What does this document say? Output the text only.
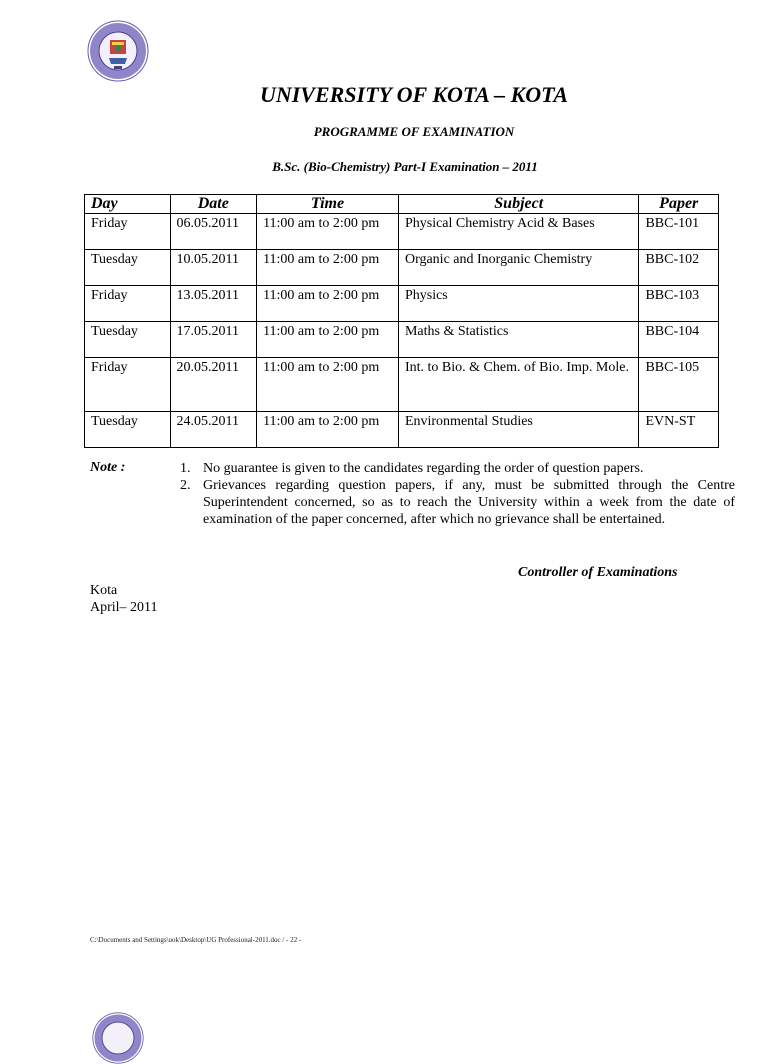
UNIVERSITY OF KOTA – KOTA
PROGRAMME OF EXAMINATION
B.Sc. (Bio-Chemistry) Part-I Examination – 2011
Day	Date	Time	Subject	Paper
Friday	06.05.2011	11:00 am to 2:00 pm	Physical Chemistry Acid & Bases	BBC-101
Tuesday	10.05.2011	11:00 am to 2:00 pm	Organic and Inorganic Chemistry	BBC-102
Friday	13.05.2011	11:00 am to 2:00 pm	Physics	BBC-103
Tuesday	17.05.2011	11:00 am to 2:00 pm	Maths & Statistics	BBC-104
Friday	20.05.2011	11:00 am to 2:00 pm	Int. to Bio. & Chem. of Bio. Imp. Mole.	BBC-105
Tuesday	24.05.2011	11:00 am to 2:00 pm	Environmental Studies	EVN-ST
Note :	1. No guarantee is given to the candidates regarding the order of question papers.
2. Grievances regarding question papers, if any, must be submitted through the Centre Superintendent concerned, so as to reach the University within a week from the date of examination of the paper concerned, after which no grievance shall be entertained.
Controller of Examinations
Kota
April– 2011
C:\Documents and Settings\uok\Desktop\UG Professional-2011.doc / - 22 -
